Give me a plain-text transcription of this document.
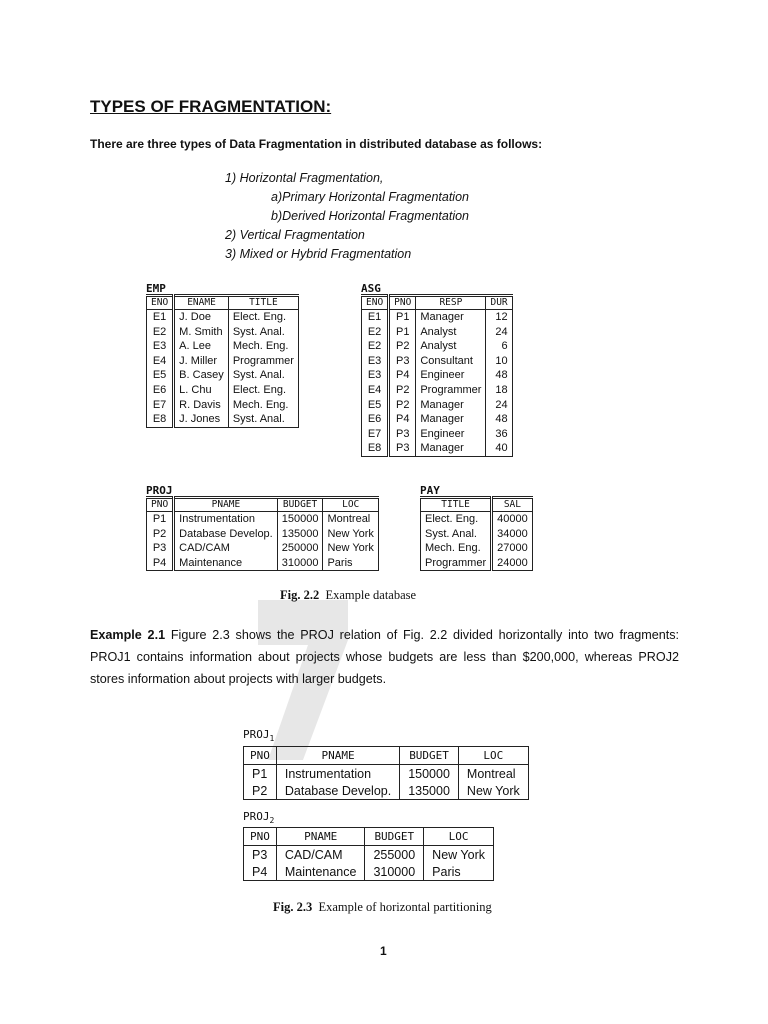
TYPES OF FRAGMENTATION:
There are three types of Data Fragmentation in distributed database as follows:
1) Horizontal Fragmentation,
a)Primary Horizontal Fragmentation
b)Derived Horizontal Fragmentation
2) Vertical Fragmentation
3) Mixed or Hybrid Fragmentation
EMP
ENO	ENAME	TITLE
E1	J. Doe	Elect. Eng.
E2	M. Smith	Syst. Anal.
E3	A. Lee	Mech. Eng.
E4	J. Miller	Programmer
E5	B. Casey	Syst. Anal.
E6	L. Chu	Elect. Eng.
E7	R. Davis	Mech. Eng.
E8	J. Jones	Syst. Anal.
ASG
ENO	PNO	RESP	DUR
E1	P1	Manager	12
E2	P1	Analyst	24
E2	P2	Analyst	6
E3	P3	Consultant	10
E3	P4	Engineer	48
E4	P2	Programmer	18
E5	P2	Manager	24
E6	P4	Manager	48
E7	P3	Engineer	36
E8	P3	Manager	40
PROJ
PNO	PNAME	BUDGET	LOC
P1	Instrumentation	150000	Montreal
P2	Database Develop.	135000	New York
P3	CAD/CAM	250000	New York
P4	Maintenance	310000	Paris
PAY
TITLE	SAL
Elect. Eng.	40000
Syst. Anal.	34000
Mech. Eng.	27000
Programmer	24000
Fig. 2.2 Example database
Example 2.1 Figure 2.3 shows the PROJ relation of Fig. 2.2 divided horizontally into two fragments: PROJ1 contains information about projects whose budgets are less than $200,000, whereas PROJ2 stores information about projects with larger budgets.
$PROJ_1$
PNO	PNAME	BUDGET	LOC
P1	Instrumentation	150000	Montreal
P2	Database Develop.	135000	New York
$PROJ_2$
PNO	PNAME	BUDGET	LOC
P3	CAD/CAM	255000	New York
P4	Maintenance	310000	Paris
Fig. 2.3 Example of horizontal partitioning
1
